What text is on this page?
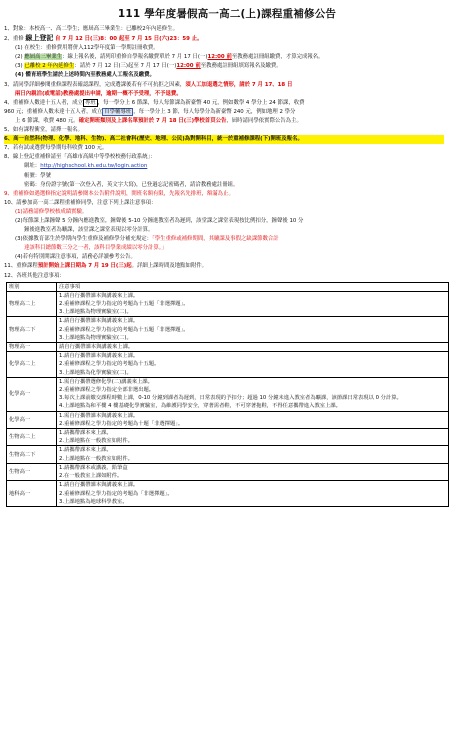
111 學年度暑假高一高二(上)課程重補修公告
1、對象：本校高一、高二學生；應屆高三畢業生：已離校2年內延修生。
2、重修 線上登記 自 7 月 12 日(三)8：00 起至 7 月 15 日(六)23：59 止。
(1) 在校生：重修費用將併入112學年度第一學期註冊收費。
(2) 應屆高三畢業生：線上報名後，請列印重修自學報名繳費單於 7 月 17 日(一)12:00 前至教務處註冊組繳費，才算完成報名。
(3) 已離校 2 年內延修生：請於 7 月 12 日(三)起至 7 月 17 日(一)12:00 前至教務處註冊組填寫報名及繳費。
(4) 體育班學生請於上述時間內至教務處人工報名及繳費。
3、請同學詳細參閱重修課程表確認課程，完成選課後若有不可抗拒之因素，須人工加退選之情形，請於 7 月 17、18 日
兩日內親洽(或電話)教務處提出申請，逾期一概不予受理，不予退費。
4、重補修人數達十五人者，成立 專班 ，每一學分上 6 節課，每人每節課為新臺幣 40 元，例如數學 4 學分上 24 節課，收費
960 元；重補修人數未達十五人者，成立 自學輔導班 ，每一學分上 3 節，每人每學分為新臺幣 240 元，例如地理 2 學分
上 6 節課，收費 480 元。確定開班類別及上課名單預計於 7 月 18 日(三)學校首頁公告，屆時請同學依實際公告為主。
5、如有課程衝堂，請擇一報名。
6、高一自然科(物理、化學、地科、生物)、高二社會科(歷史、地理、公民)為對開科目，統一於重補修課程(下)開班及報名。
7、若有試或選費每學期每科收費 100 元。
8、線上登記重補修請至「高雄市高級中等學校校務行政系統」：
網址：http://highschool.kh.edu.tw/login.action
帳號：學號
密碼：身份證字號(第一次登入者，英文字大寫)，已登過忘記密碼者，請洽教務處註冊組。
9、重補修如遇選修指定說明請參閱本公告附件說明，開班名額有限，先報名先排班，額滿為止。
10、請參加高一高二課程重補修同學，注意下列上課注意事項：
(1)請務請修學校核成績實驗。
(2)每節課上課鐘聲 5 分鐘內應進教室，鐘聲後 5-10 分鐘進教室者為遲到，該堂課之課堂表現按比例扣分，鐘聲後 10 分
鐘後進教室者為曠課，該堂課之課堂表現以零分計算。
(3)依據教育部生於學期內學生重修及補修學分補充規定：「學生重修或補修期間，其曠課及事假之缺課節數合計
達該科目總節數三分之一者，該科目學業成績以零分計算。」
(4)若有特別開課注意事項，請務必詳讀參考公告。
11、重修課程預計開始上課日期為 7 月 19 日(三)起。詳細上課時間及地點如附件。
12、各班其他注意事項：
班別	注意事項
物理高二上	1.請自行攜帶課本與講義來上課。
2.重補修課程之學力指定的考題為十五題「非選擇題」。
3.上課地點為物理實驗室(二)。

物理高二下	1.請自行攜帶課本與講義來上課。
2.重補修課程之學力指定的考題為十五題「非選擇題」。
3.上課地點為物理實驗室(二)。

物理高一	請自行攜帶課本與講義來上課。

化學高二上	1.請自行攜帶課本與講義來上課。
2.重補修課程之學力指定的考題為十五題。
3.上課地點為化學實驗室(二)。

化學高一	1.需自行攜帶選修化學(二)講義來上課。
2.重補修課程之學力指定全部非選出題。
3.每次上課前繳交課程時數上課，0-10 分鐘到課者為遲到，日常表現的予扣分；超過 10 分鐘未進入教室者為曠課，該節課日常表現以 0 分計算。
4.上課地點為和平樓 4 樓基礎化學實驗室，為維護同學安全，穿著需者鞋，不可穿著拖鞋，不得任意攜帶進入教室上課。

化學高一	1.需自行攜帶課本與講義來上課。
2.重補修課程之學力指定的考題為十題「非選擇題」。

生物高二上	1.請攜帶課本來上課。
2.上課地點在一般教室如附件。

生物高二下	1.請攜帶課本來上課。
2.上課地點在一般教室如附件。

生物高一	1.請攜帶課本或講義、鉛筆盒
2.在一般教室上課如附件。

地科高一	1.請自行攜帶課本與講義來上課。
2.重補修課程之學力指定的考題為「非選擇題」。
3.上課地點為地球科學教室。
